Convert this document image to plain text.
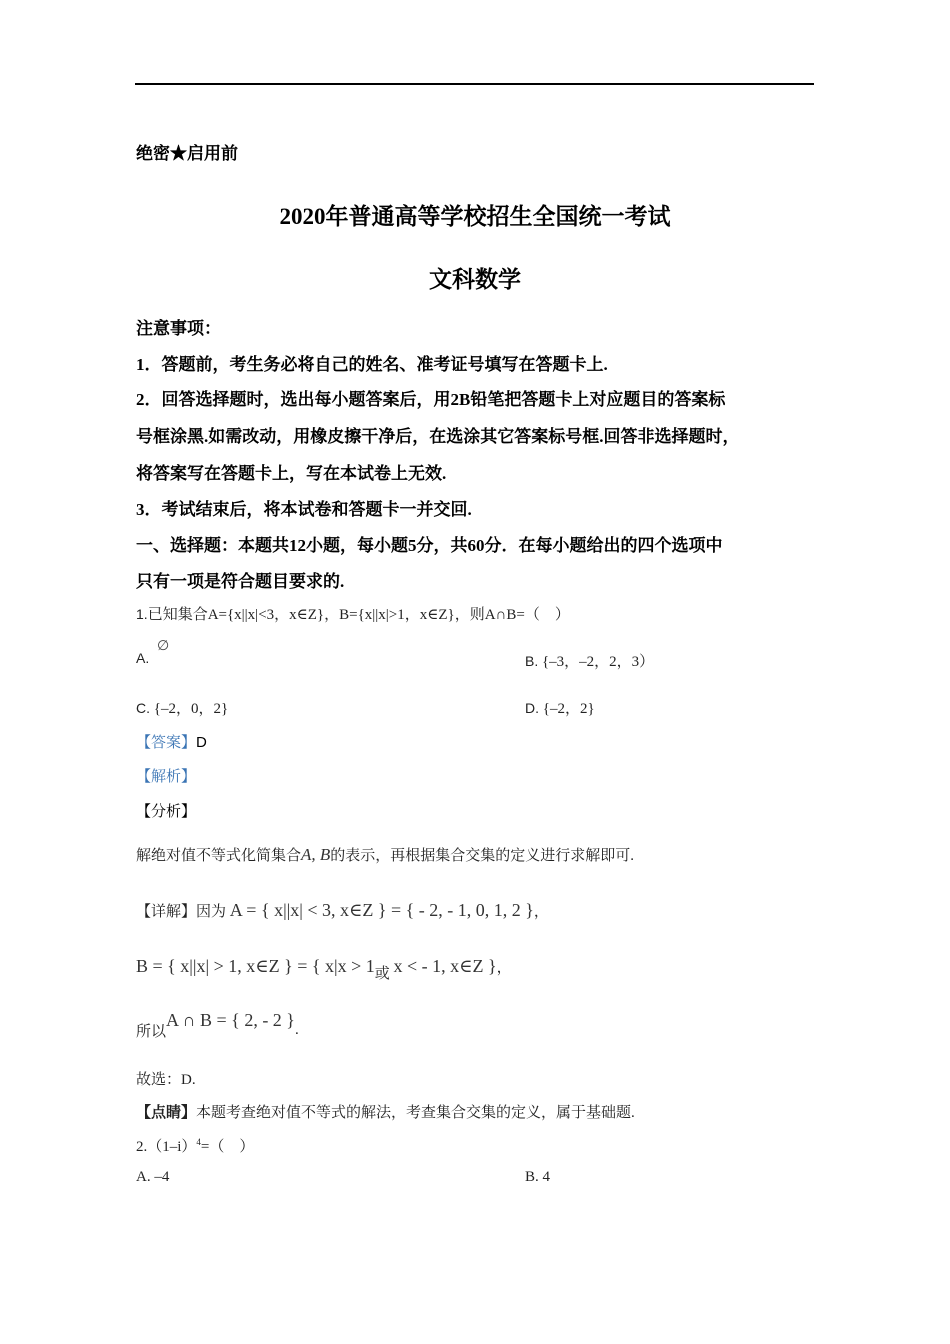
绝密★启用前
2020年普通高等学校招生全国统一考试
文科数学
注意事项：
1．答题前，考生务必将自己的姓名、准考证号填写在答题卡上.
2．回答选择题时，选出每小题答案后，用2B铅笔把答题卡上对应题目的答案标
号框涂黑.如需改动，用橡皮擦干净后，在选涂其它答案标号框.回答非选择题时，
将答案写在答题卡上，写在本试卷上无效.
3．考试结束后，将本试卷和答题卡一并交回.
一、选择题：本题共12小题，每小题5分，共60分．在每小题给出的四个选项中
只有一项是符合题目要求的.
1.已知集合A={x||x|<3，x∈Z}，B={x||x|>1，x∈Z}，则A∩B=（　）
A.
∅
B. {–3，–2，2，3）
C. {–2，0，2}	D. {–2，2}
【答案】D
【解析】
【分析】
解绝对值不等式化简集合A, B的表示，再根据集合交集的定义进行求解即可.
【详解】因为 A = { x||x| < 3, x∈Z } = { - 2, - 1, 0, 1, 2 }，
B = { x||x| > 1, x∈Z } = { x|x > 1或 x < - 1, x∈Z }，
所以A ∩ B = { 2, - 2 }.
故选：D.
【点睛】本题考查绝对值不等式的解法，考查集合交集的定义，属于基础题.
$2.(1-i)^4=$（　）
A. –4	B. 4
